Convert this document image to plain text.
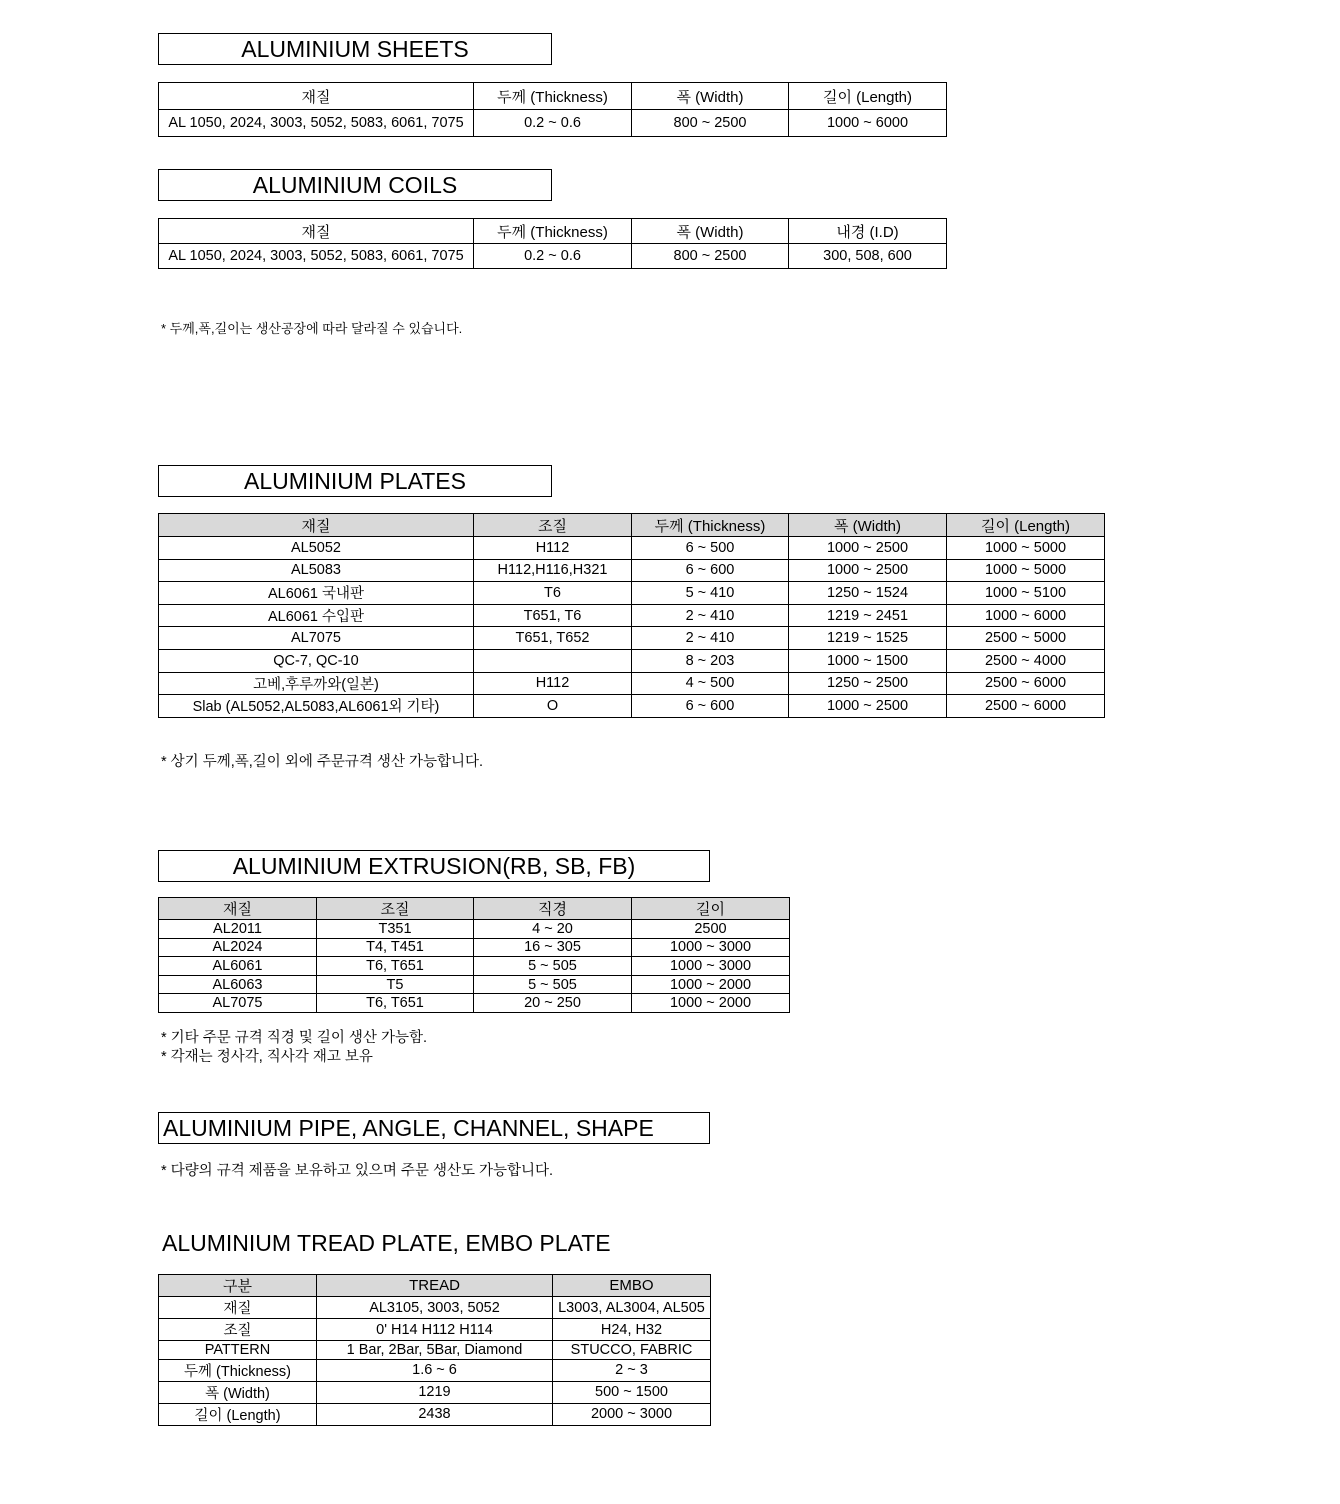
ALUMINIUM SHEETS
재질	두께 (Thickness)	폭 (Width)	길이 (Length)
AL 1050, 2024, 3003, 5052, 5083, 6061, 7075	0.2 ~ 0.6	800 ~ 2500	1000 ~ 6000
ALUMINIUM COILS
재질	두께 (Thickness)	폭 (Width)	내경 (I.D)
AL 1050, 2024, 3003, 5052, 5083, 6061, 7075	0.2 ~ 0.6	800 ~ 2500	300, 508, 600
* 두께,폭,길이는 생산공장에 따라 달라질 수 있습니다.
ALUMINIUM PLATES
재질	조질	두께 (Thickness)	폭 (Width)	길이 (Length)
AL5052	H112	6 ~ 500	1000 ~ 2500	1000 ~ 5000
AL5083	H112,H116,H321	6 ~ 600	1000 ~ 2500	1000 ~ 5000
AL6061 국내판	T6	5 ~ 410	1250 ~ 1524	1000 ~ 5100
AL6061 수입판	T651, T6	2 ~ 410	1219 ~ 2451	1000 ~ 6000
AL7075	T651, T652	2 ~ 410	1219 ~ 1525	2500 ~ 5000
QC-7, QC-10		8 ~ 203	1000 ~ 1500	2500 ~ 4000
고베,후루까와(일본)	H112	4 ~ 500	1250 ~ 2500	2500 ~ 6000
Slab (AL5052,AL5083,AL6061외 기타)	O	6 ~ 600	1000 ~ 2500	2500 ~ 6000
* 상기 두께,폭,길이 외에 주문규격 생산 가능합니다.
ALUMINIUM EXTRUSION(RB, SB, FB)
재질	조질	직경	길이
AL2011	T351	4 ~ 20	2500
AL2024	T4, T451	16 ~ 305	1000 ~ 3000
AL6061	T6, T651	5 ~ 505	1000 ~ 3000
AL6063	T5	5 ~ 505	1000 ~ 2000
AL7075	T6, T651	20 ~ 250	1000 ~ 2000
* 기타 주문 규격 직경 및 길이 생산 가능함.
* 각재는 정사각, 직사각 재고 보유
ALUMINIUM PIPE, ANGLE, CHANNEL, SHAPE
* 다량의 규격 제품을 보유하고 있으며 주문 생산도 가능합니다.
ALUMINIUM TREAD PLATE, EMBO PLATE
구분	TREAD	EMBO
재질	AL3105, 3003, 5052	L3003, AL3004, AL505
조질	0' H14 H112 H114	H24, H32
PATTERN	1 Bar, 2Bar, 5Bar, Diamond	STUCCO, FABRIC
두께 (Thickness)	1.6 ~ 6	2 ~ 3
폭 (Width)	1219	500 ~ 1500
길이 (Length)	2438	2000 ~ 3000
